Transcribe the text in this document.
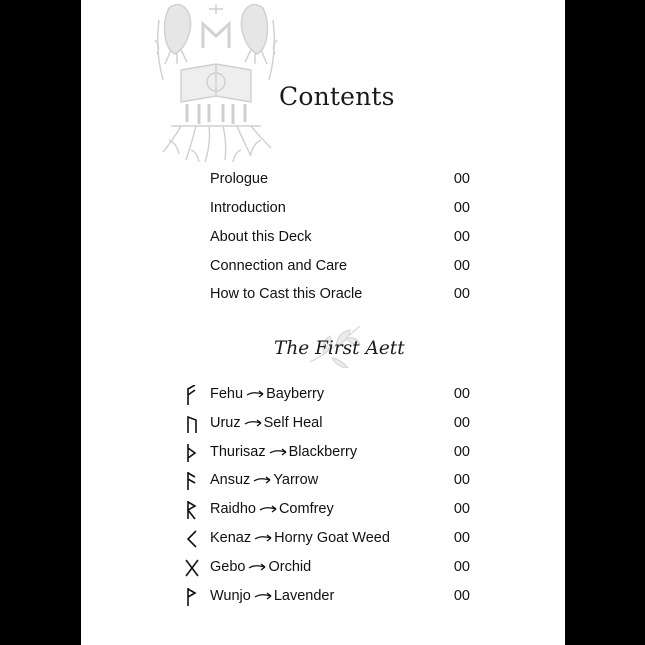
Contents
Prologue	00
Introduction	00
About this Deck	00
Connection and Care	00
How to Cast this Oracle	00
The First Aett
Fehu Bayberry	00
Uruz Self Heal	00
Thurisaz Blackberry	00
Ansuz Yarrow	00
Raidho Comfrey	00
Kenaz Horny Goat Weed	00
Gebo Orchid	00
Wunjo Lavender	00
